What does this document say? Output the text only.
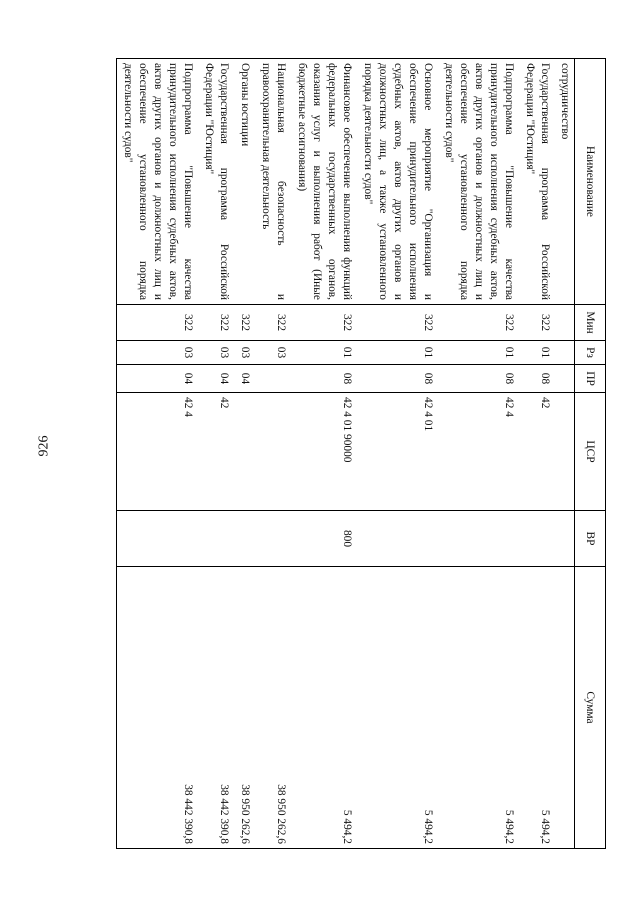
926
Наименование	Мин	Рз	ПР	ЦСР	ВР	Сумма
сотрудничество						
Государственная программа Российской Федерации "Юстиция"	322	01	08	42		5 494,2
Подпрограмма "Повышение качества принудительного исполнения судебных актов, актов других органов и должностных лиц и обеспечение установленного порядка деятельности судов"	322	01	08	42 4		5 494,2
Основное мероприятие "Организация и обеспечение принудительного исполнения судебных актов, актов других органов и должностных лиц, а также установленного порядка деятельности судов"	322	01	08	42 4 01		5 494,2
Финансовое обеспечение выполнения функций федеральных государственных органов, оказания услуг и выполнения работ (Иные бюджетные ассигнования)	322	01	08	42 4 01 90000	800	5 494,2
Национальная безопасность и правоохранительная деятельность	322	03				38 950 262,6
Органы юстиции	322	03	04			38 950 262,6
Государственная программа Российской Федерации "Юстиция"	322	03	04	42		38 442 390,8
Подпрограмма "Повышение качества принудительного исполнения судебных актов, актов других органов и должностных лиц и обеспечение установленного порядка деятельности судов"	322	03	04	42 4		38 442 390,8
